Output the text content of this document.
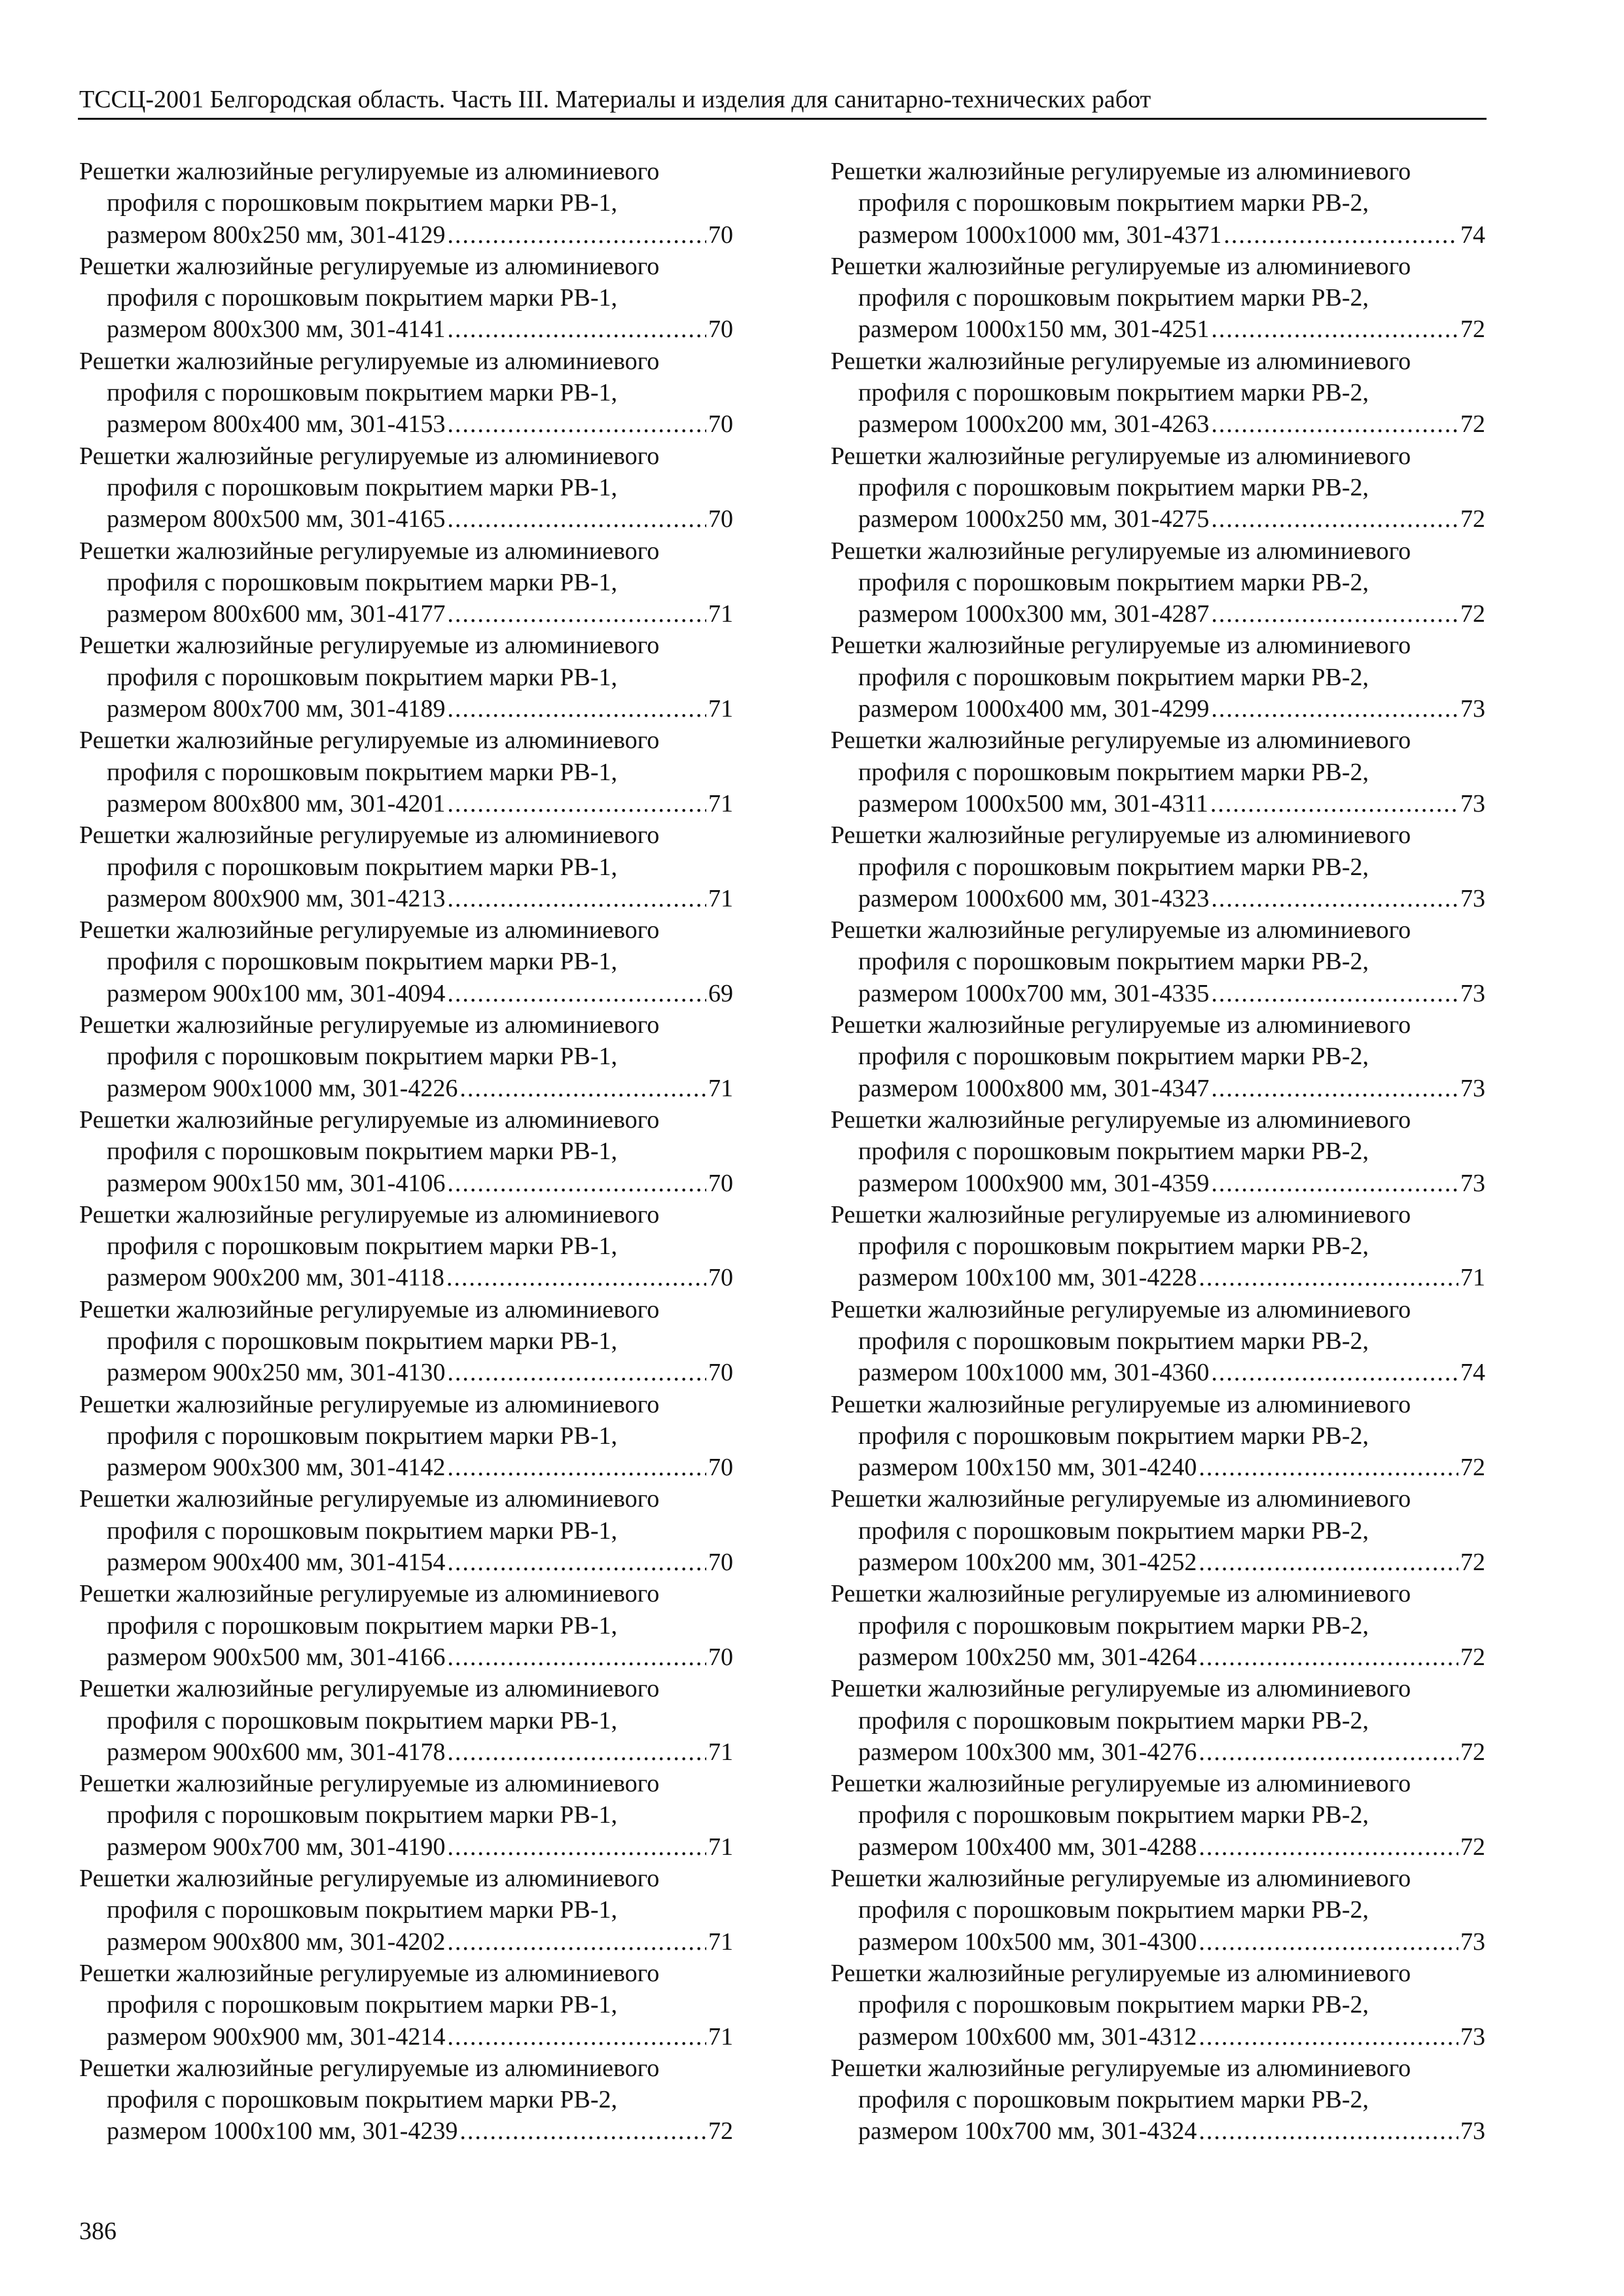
ТССЦ-2001 Белгородская область. Часть III. Материалы и изделия для санитарно-технических работ
Решетки жалюзийные регулируемые из алюминиевого
профиля с порошковым покрытием марки РВ-1,
размером 800х250 мм, 301-4129 .....	70
Решетки жалюзийные регулируемые из алюминиевого
профиля с порошковым покрытием марки РВ-1,
размером 800х300 мм, 301-4141 .....	70
Решетки жалюзийные регулируемые из алюминиевого
профиля с порошковым покрытием марки РВ-1,
размером 800х400 мм, 301-4153 .....	70
Решетки жалюзийные регулируемые из алюминиевого
профиля с порошковым покрытием марки РВ-1,
размером 800х500 мм, 301-4165 .....	70
Решетки жалюзийные регулируемые из алюминиевого
профиля с порошковым покрытием марки РВ-1,
размером 800х600 мм, 301-4177 .....	71
Решетки жалюзийные регулируемые из алюминиевого
профиля с порошковым покрытием марки РВ-1,
размером 800х700 мм, 301-4189 .....	71
Решетки жалюзийные регулируемые из алюминиевого
профиля с порошковым покрытием марки РВ-1,
размером 800х800 мм, 301-4201 .....	71
Решетки жалюзийные регулируемые из алюминиевого
профиля с порошковым покрытием марки РВ-1,
размером 800х900 мм, 301-4213 .....	71
Решетки жалюзийные регулируемые из алюминиевого
профиля с порошковым покрытием марки РВ-1,
размером 900х100 мм, 301-4094 .....	69
Решетки жалюзийные регулируемые из алюминиевого
профиля с порошковым покрытием марки РВ-1,
размером 900х1000 мм, 301-4226 .....	71
Решетки жалюзийные регулируемые из алюминиевого
профиля с порошковым покрытием марки РВ-1,
размером 900х150 мм, 301-4106 .....	70
Решетки жалюзийные регулируемые из алюминиевого
профиля с порошковым покрытием марки РВ-1,
размером 900х200 мм, 301-4118 .....	70
Решетки жалюзийные регулируемые из алюминиевого
профиля с порошковым покрытием марки РВ-1,
размером 900х250 мм, 301-4130 .....	70
Решетки жалюзийные регулируемые из алюминиевого
профиля с порошковым покрытием марки РВ-1,
размером 900х300 мм, 301-4142 .....	70
Решетки жалюзийные регулируемые из алюминиевого
профиля с порошковым покрытием марки РВ-1,
размером 900х400 мм, 301-4154 .....	70
Решетки жалюзийные регулируемые из алюминиевого
профиля с порошковым покрытием марки РВ-1,
размером 900х500 мм, 301-4166 .....	70
Решетки жалюзийные регулируемые из алюминиевого
профиля с порошковым покрытием марки РВ-1,
размером 900х600 мм, 301-4178 .....	71
Решетки жалюзийные регулируемые из алюминиевого
профиля с порошковым покрытием марки РВ-1,
размером 900х700 мм, 301-4190 .....	71
Решетки жалюзийные регулируемые из алюминиевого
профиля с порошковым покрытием марки РВ-1,
размером 900х800 мм, 301-4202 .....	71
Решетки жалюзийные регулируемые из алюминиевого
профиля с порошковым покрытием марки РВ-1,
размером 900х900 мм, 301-4214 .....	71
Решетки жалюзийные регулируемые из алюминиевого
профиля с порошковым покрытием марки РВ-2,
размером 1000х100 мм, 301-4239 .....	72
Решетки жалюзийные регулируемые из алюминиевого
профиля с порошковым покрытием марки РВ-2,
размером 1000х1000 мм, 301-4371 .....	74
Решетки жалюзийные регулируемые из алюминиевого
профиля с порошковым покрытием марки РВ-2,
размером 1000х150 мм, 301-4251 .....	72
Решетки жалюзийные регулируемые из алюминиевого
профиля с порошковым покрытием марки РВ-2,
размером 1000х200 мм, 301-4263 .....	72
Решетки жалюзийные регулируемые из алюминиевого
профиля с порошковым покрытием марки РВ-2,
размером 1000х250 мм, 301-4275 .....	72
Решетки жалюзийные регулируемые из алюминиевого
профиля с порошковым покрытием марки РВ-2,
размером 1000х300 мм, 301-4287 .....	72
Решетки жалюзийные регулируемые из алюминиевого
профиля с порошковым покрытием марки РВ-2,
размером 1000х400 мм, 301-4299 .....	73
Решетки жалюзийные регулируемые из алюминиевого
профиля с порошковым покрытием марки РВ-2,
размером 1000х500 мм, 301-4311 .....	73
Решетки жалюзийные регулируемые из алюминиевого
профиля с порошковым покрытием марки РВ-2,
размером 1000х600 мм, 301-4323 .....	73
Решетки жалюзийные регулируемые из алюминиевого
профиля с порошковым покрытием марки РВ-2,
размером 1000х700 мм, 301-4335 .....	73
Решетки жалюзийные регулируемые из алюминиевого
профиля с порошковым покрытием марки РВ-2,
размером 1000х800 мм, 301-4347 .....	73
Решетки жалюзийные регулируемые из алюминиевого
профиля с порошковым покрытием марки РВ-2,
размером 1000х900 мм, 301-4359 .....	73
Решетки жалюзийные регулируемые из алюминиевого
профиля с порошковым покрытием марки РВ-2,
размером 100х100 мм, 301-4228 .....	71
Решетки жалюзийные регулируемые из алюминиевого
профиля с порошковым покрытием марки РВ-2,
размером 100х1000 мм, 301-4360 .....	74
Решетки жалюзийные регулируемые из алюминиевого
профиля с порошковым покрытием марки РВ-2,
размером 100х150 мм, 301-4240 .....	72
Решетки жалюзийные регулируемые из алюминиевого
профиля с порошковым покрытием марки РВ-2,
размером 100х200 мм, 301-4252 .....	72
Решетки жалюзийные регулируемые из алюминиевого
профиля с порошковым покрытием марки РВ-2,
размером 100х250 мм, 301-4264 .....	72
Решетки жалюзийные регулируемые из алюминиевого
профиля с порошковым покрытием марки РВ-2,
размером 100х300 мм, 301-4276 .....	72
Решетки жалюзийные регулируемые из алюминиевого
профиля с порошковым покрытием марки РВ-2,
размером 100х400 мм, 301-4288 .....	72
Решетки жалюзийные регулируемые из алюминиевого
профиля с порошковым покрытием марки РВ-2,
размером 100х500 мм, 301-4300 .....	73
Решетки жалюзийные регулируемые из алюминиевого
профиля с порошковым покрытием марки РВ-2,
размером 100х600 мм, 301-4312 .....	73
Решетки жалюзийные регулируемые из алюминиевого
профиля с порошковым покрытием марки РВ-2,
размером 100х700 мм, 301-4324 .....	73
386
